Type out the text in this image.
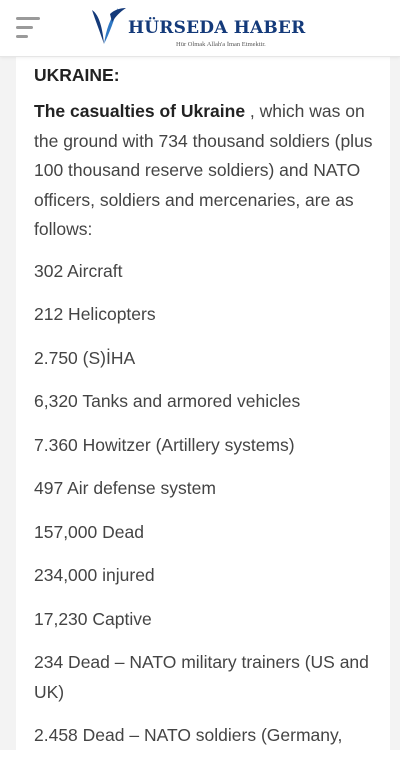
HÜRSEDA HABER
Hür Olmak Allah'a İman Etmektir.
UKRAINE:

The casualties of Ukraine , which was on the ground with 734 thousand soldiers (plus 100 thousand reserve soldiers) and NATO officers, soldiers and mercenaries, are as follows:

302 Aircraft

212 Helicopters

2.750 (S)İHA

6,320 Tanks and armored vehicles

7.360 Howitzer (Artillery systems)

497 Air defense system

157,000 Dead

234,000 injured

17,230 Captive

234 Dead – NATO military trainers (US and UK)

2.458 Dead – NATO soldiers (Germany,
